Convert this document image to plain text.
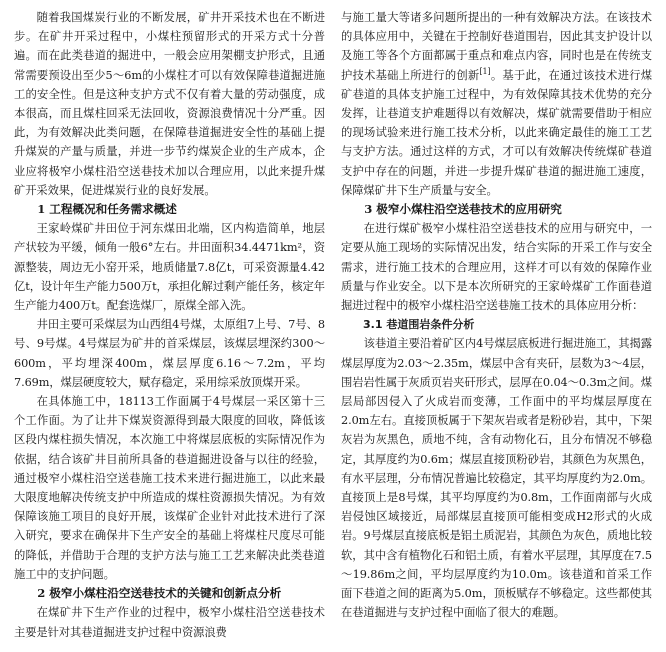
随着我国煤炭行业的不断发展，矿井开采技术也在不断进步。在矿井开采过程中，小煤柱预留形式的开采方式十分普遍。而在此类巷道的掘进中，一般会应用架棚支护形式，且通常需要预设出至少5～6m的小煤柱才可以有效保障巷道掘进施工的安全性。但是这种支护方式不仅有着大量的劳动强度，成本很高，而且煤柱回采无法回收，资源浪费情况十分严重。因此，为有效解决此类问题，在保障巷道掘进安全性的基础上提升煤炭的产量与质量，并进一步节约煤炭企业的生产成本，企业应将极窄小煤柱沿空送巷技术加以合理应用，以此来提升煤矿开采效果，促进煤炭行业的良好发展。

1 工程概况和任务需求概述

王家岭煤矿井田位于河东煤田北端，区内构造简单，地层产状较为平缓，倾角一般6°左右。井田面积34.4471km²，资源整装，周边无小窑开采，地质储量7.8亿t，可采资源量4.42亿t，设计年生产能力500万t，承担化解过剩产能任务，核定年生产能力400万t。配套选煤厂，原煤全部入洗。

井田主要可采煤层为山西组4号煤，太原组7上号、7号、8号、9号煤。4号煤层为矿井的首采煤层，该煤层埋深约300～600m，平均埋深400m，煤层厚度6.16～7.2m，平均7.69m，煤层硬度较大，赋存稳定，采用综采放顶煤开采。

在具体施工中，18113工作面属于4号煤层一采区第十三个工作面。为了让井下煤炭资源得到最大限度的回收，降低该区段内煤柱损失情况，本次施工中将煤层底板的实际情况作为依据，结合该矿井目前所具备的巷道掘进设备与以往的经验，通过极窄小煤柱沿空送巷施工技术来进行掘进施工，以此来最大限度地解决传统支护中所造成的煤柱资源损失情况。为有效保障该施工项目的良好开展，该煤矿企业针对此技术进行了深入研究，要求在确保井下生产安全的基础上将煤柱尺度尽可能的降低，并借助于合理的支护方法与施工工艺来解决此类巷道施工中的支护问题。

2 极窄小煤柱沿空送巷技术的关键和创新点分析

在煤矿井下生产作业的过程中，极窄小煤柱沿空送巷技术主要是针对其巷道掘进支护过程中资源浪费

与施工量大等诸多问题所提出的一种有效解决方法。在该技术的具体应用中，关键在于控制好巷道围岩，因此其支护设计以及施工等各个方面都属于重点和难点内容，同时也是在传统支护技术基础上所进行的创新[1]。基于此，在通过该技术进行煤矿巷道的具体支护施工过程中，为有效保障其技术优势的充分发挥，让巷道支护难题得以有效解决，煤矿就需要借助于相应的现场试验来进行施工技术分析，以此来确定最佳的施工工艺与支护方法。通过这样的方式，才可以有效解决传统煤矿巷道支护中存在的问题，并进一步提升煤矿巷道的掘进施工速度，保障煤矿井下生产质量与安全。

3 极窄小煤柱沿空送巷技术的应用研究

在进行煤矿极窄小煤柱沿空送巷技术的应用与研究中，一定要从施工现场的实际情况出发，结合实际的开采工作与安全需求，进行施工技术的合理应用，这样才可以有效的保障作业质量与作业安全。以下是本次所研究的王家岭煤矿工作面巷道掘进过程中的极窄小煤柱沿空送巷施工技术的具体应用分析：

3.1 巷道围岩条件分析

该巷道主要沿着矿区内4号煤层底板进行掘进施工，其揭露煤层厚度为2.03～2.35m，煤层中含有夹矸，层数为3～4层，围岩岩性属于灰质页岩夹矸形式，层厚在0.04～0.3m之间。煤层局部因侵入了火成岩而变薄，工作面中的平均煤层厚度在2.0m左右。直接顶板属于下架灰岩或者是粉砂岩，其中，下架灰岩为灰黑色，质地不纯，含有动物化石，且分布情况不够稳定，其厚度约为0.6m；煤层直接顶粉砂岩，其颜色为灰黑色，有水平层理，分布情况普遍比较稳定，其平均厚度约为2.0m。直接顶上是8号煤，其平均厚度约为0.8m，工作面南部与火成岩侵蚀区域接近，局部煤层直接顶可能相变成H2形式的火成岩。9号煤层直接底板是铝土质泥岩，其颜色为灰色，质地比较软，其中含有植物化石和铝土质，有着水平层理，其厚度在7.5～19.86m之间，平均层厚度约为10.0m。该巷道和首采工作面下巷道之间的距离为5.0m，顶板赋存不够稳定。这些都使其在巷道掘进与支护过程中面临了很大的难题。
